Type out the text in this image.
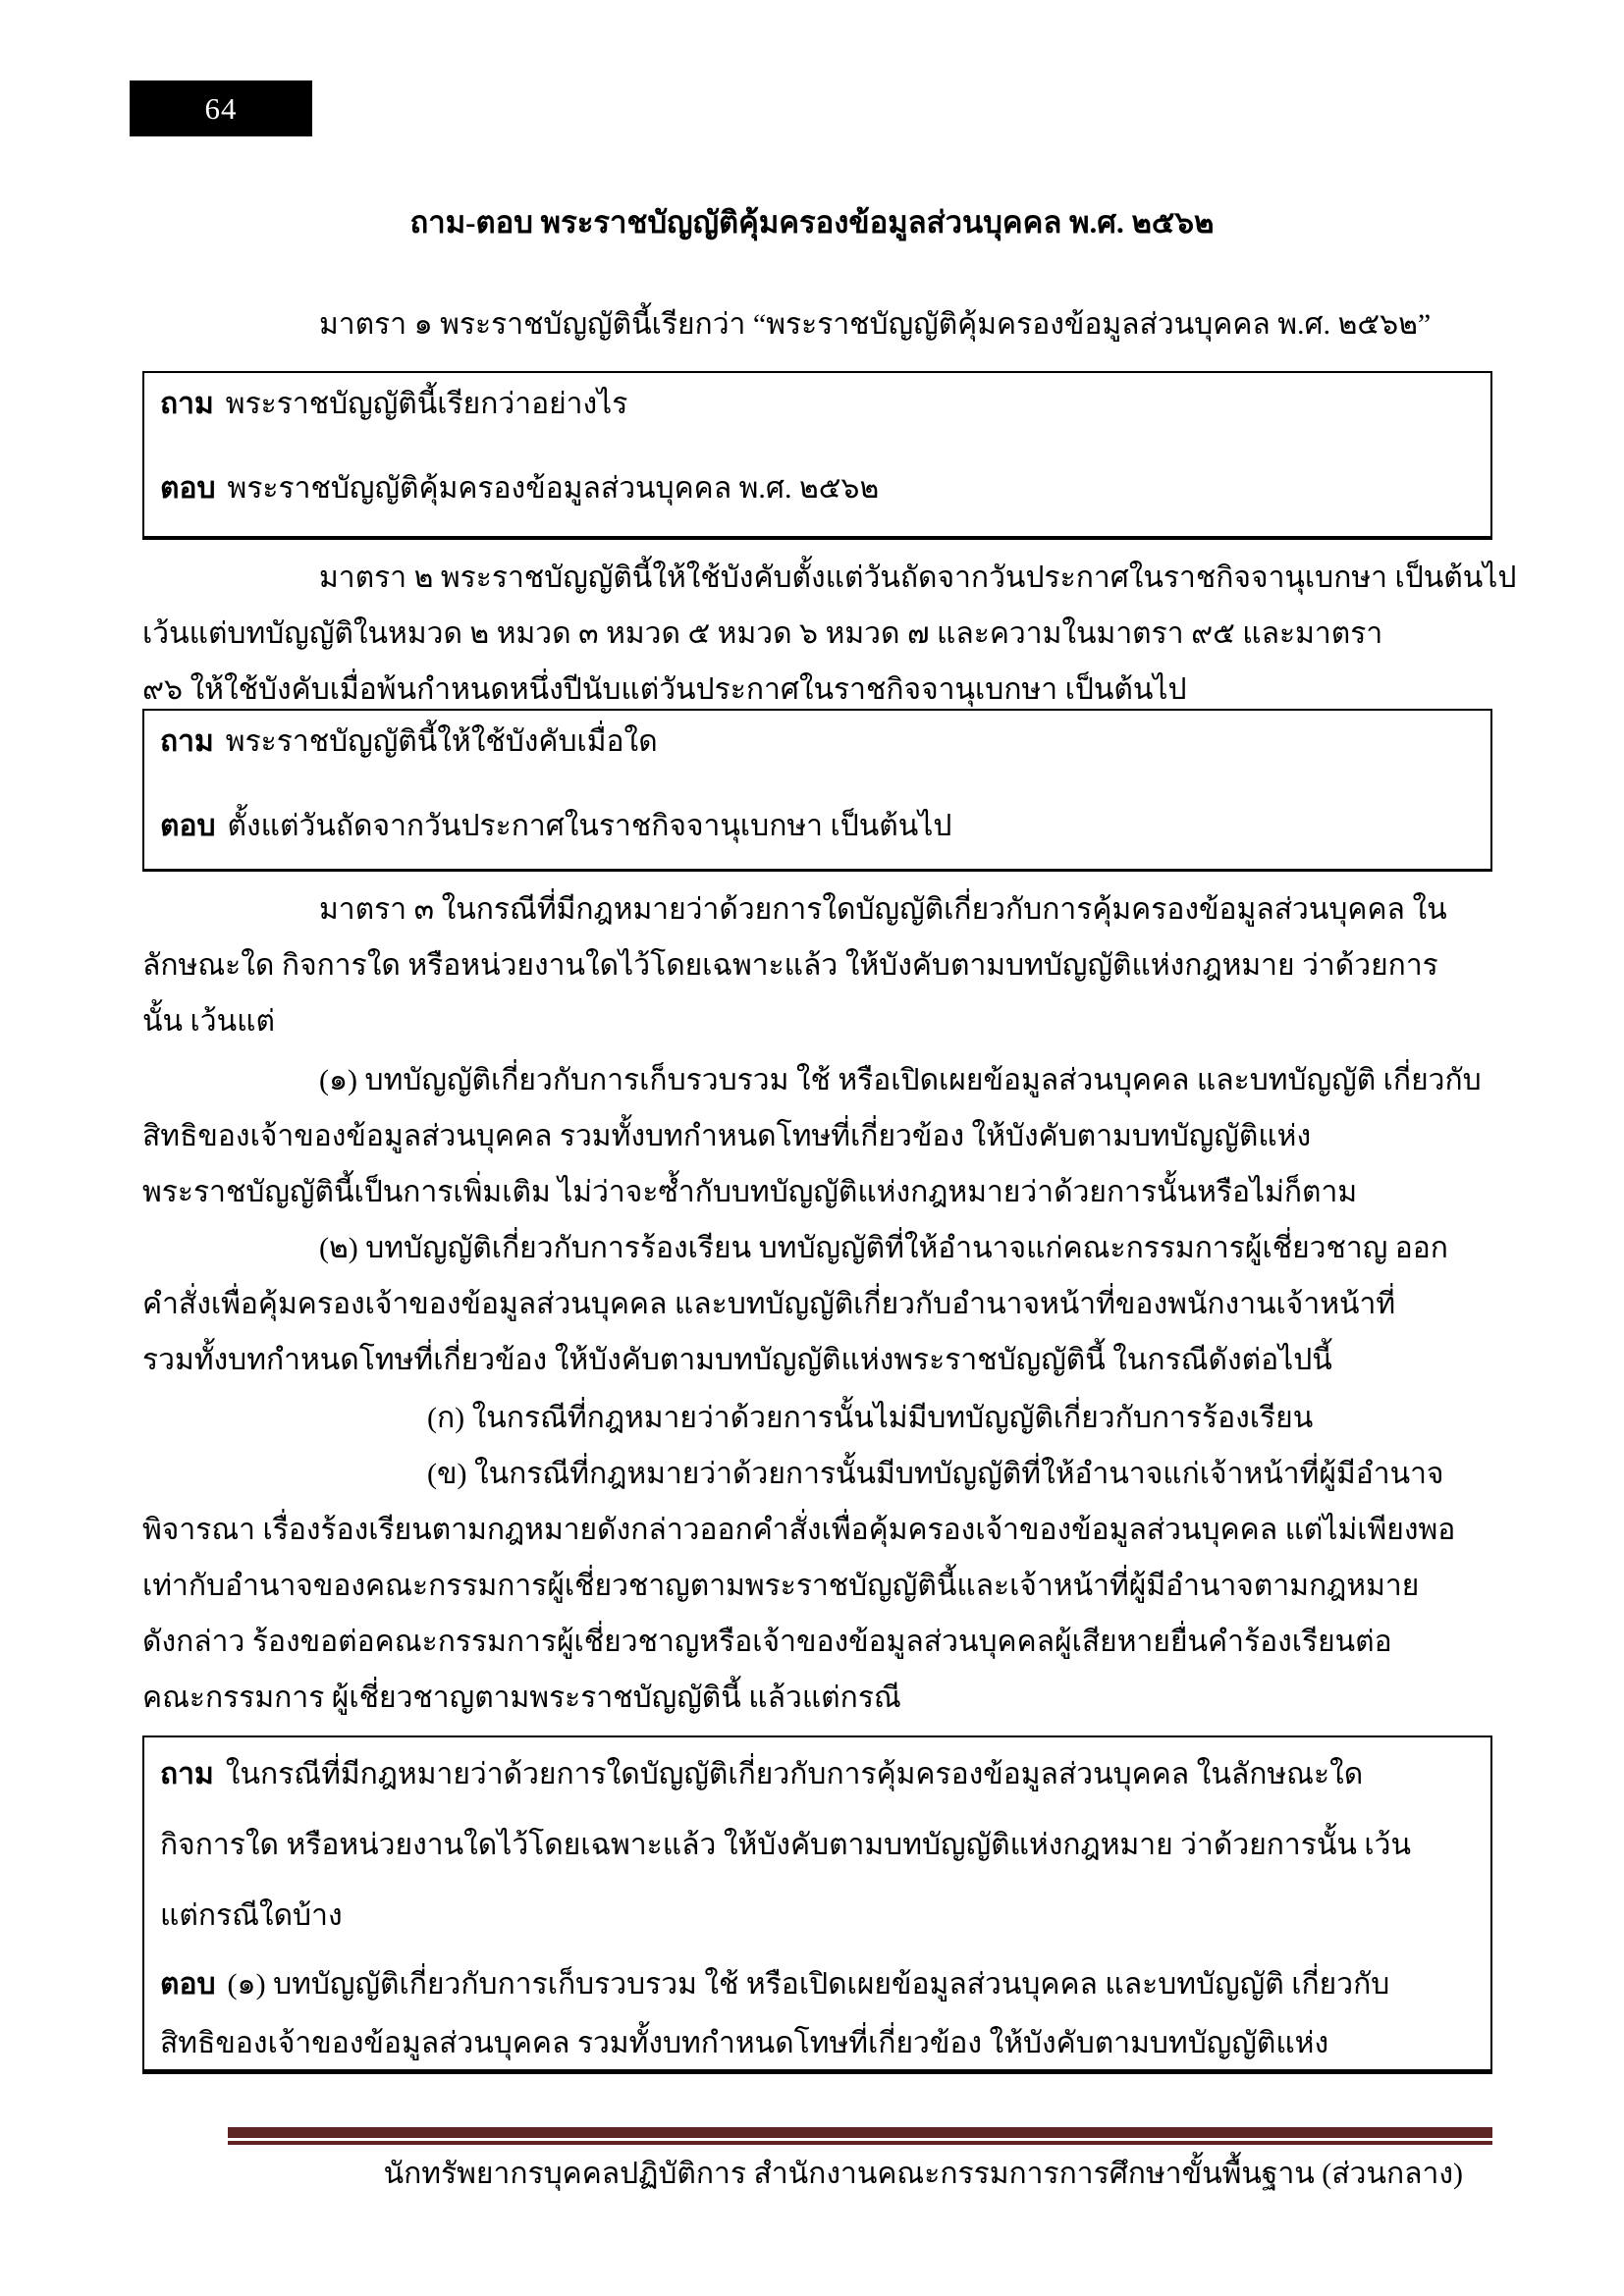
64
ถาม-ตอบ พระราชบัญญัติคุ้มครองข้อมูลส่วนบุคคล พ.ศ. ๒๕๖๒
มาตรา ๑ พระราชบัญญัตินี้เรียกว่า “พระราชบัญญัติคุ้มครองข้อมูลส่วนบุคคล พ.ศ. ๒๕๖๒”
ถาม พระราชบัญญัตินี้เรียกว่าอย่างไร
ตอบ พระราชบัญญัติคุ้มครองข้อมูลส่วนบุคคล พ.ศ. ๒๕๖๒
มาตรา ๒ พระราชบัญญัตินี้ให้ใช้บังคับตั้งแต่วันถัดจากวันประกาศในราชกิจจานุเบกษา เป็นต้นไป
เว้นแต่บทบัญญัติในหมวด ๒ หมวด ๓ หมวด ๕ หมวด ๖ หมวด ๗ และความในมาตรา ๙๕ และมาตรา
๙๖ ให้ใช้บังคับเมื่อพ้นกำหนดหนึ่งปีนับแต่วันประกาศในราชกิจจานุเบกษา เป็นต้นไป
ถาม พระราชบัญญัตินี้ให้ใช้บังคับเมื่อใด
ตอบ ตั้งแต่วันถัดจากวันประกาศในราชกิจจานุเบกษา เป็นต้นไป
มาตรา ๓ ในกรณีที่มีกฎหมายว่าด้วยการใดบัญญัติเกี่ยวกับการคุ้มครองข้อมูลส่วนบุคคล ใน
ลักษณะใด กิจการใด หรือหน่วยงานใดไว้โดยเฉพาะแล้ว ให้บังคับตามบทบัญญัติแห่งกฎหมาย ว่าด้วยการ
นั้น เว้นแต่
(๑) บทบัญญัติเกี่ยวกับการเก็บรวบรวม ใช้ หรือเปิดเผยข้อมูลส่วนบุคคล และบทบัญญัติ เกี่ยวกับ
สิทธิของเจ้าของข้อมูลส่วนบุคคล รวมทั้งบทกำหนดโทษที่เกี่ยวข้อง ให้บังคับตามบทบัญญัติแห่ง
พระราชบัญญัตินี้เป็นการเพิ่มเติม ไม่ว่าจะซ้ำกับบทบัญญัติแห่งกฎหมายว่าด้วยการนั้นหรือไม่ก็ตาม
(๒) บทบัญญัติเกี่ยวกับการร้องเรียน บทบัญญัติที่ให้อำนาจแก่คณะกรรมการผู้เชี่ยวชาญ ออก
คำสั่งเพื่อคุ้มครองเจ้าของข้อมูลส่วนบุคคล และบทบัญญัติเกี่ยวกับอำนาจหน้าที่ของพนักงานเจ้าหน้าที่
รวมทั้งบทกำหนดโทษที่เกี่ยวข้อง ให้บังคับตามบทบัญญัติแห่งพระราชบัญญัตินี้ ในกรณีดังต่อไปนี้
(ก) ในกรณีที่กฎหมายว่าด้วยการนั้นไม่มีบทบัญญัติเกี่ยวกับการร้องเรียน
(ข) ในกรณีที่กฎหมายว่าด้วยการนั้นมีบทบัญญัติที่ให้อำนาจแก่เจ้าหน้าที่ผู้มีอำนาจ
พิจารณา เรื่องร้องเรียนตามกฎหมายดังกล่าวออกคำสั่งเพื่อคุ้มครองเจ้าของข้อมูลส่วนบุคคล แต่ไม่เพียงพอ
เท่ากับอำนาจของคณะกรรมการผู้เชี่ยวชาญตามพระราชบัญญัตินี้และเจ้าหน้าที่ผู้มีอำนาจตามกฎหมาย
ดังกล่าว ร้องขอต่อคณะกรรมการผู้เชี่ยวชาญหรือเจ้าของข้อมูลส่วนบุคคลผู้เสียหายยื่นคำร้องเรียนต่อ
คณะกรรมการ ผู้เชี่ยวชาญตามพระราชบัญญัตินี้ แล้วแต่กรณี
ถาม ในกรณีที่มีกฎหมายว่าด้วยการใดบัญญัติเกี่ยวกับการคุ้มครองข้อมูลส่วนบุคคล ในลักษณะใด
กิจการใด หรือหน่วยงานใดไว้โดยเฉพาะแล้ว ให้บังคับตามบทบัญญัติแห่งกฎหมาย ว่าด้วยการนั้น เว้น
แต่กรณีใดบ้าง
ตอบ (๑) บทบัญญัติเกี่ยวกับการเก็บรวบรวม ใช้ หรือเปิดเผยข้อมูลส่วนบุคคล และบทบัญญัติ เกี่ยวกับ
สิทธิของเจ้าของข้อมูลส่วนบุคคล รวมทั้งบทกำหนดโทษที่เกี่ยวข้อง ให้บังคับตามบทบัญญัติแห่ง
นักทรัพยากรบุคคลปฏิบัติการ สำนักงานคณะกรรมการการศึกษาขั้นพื้นฐาน (ส่วนกลาง)
